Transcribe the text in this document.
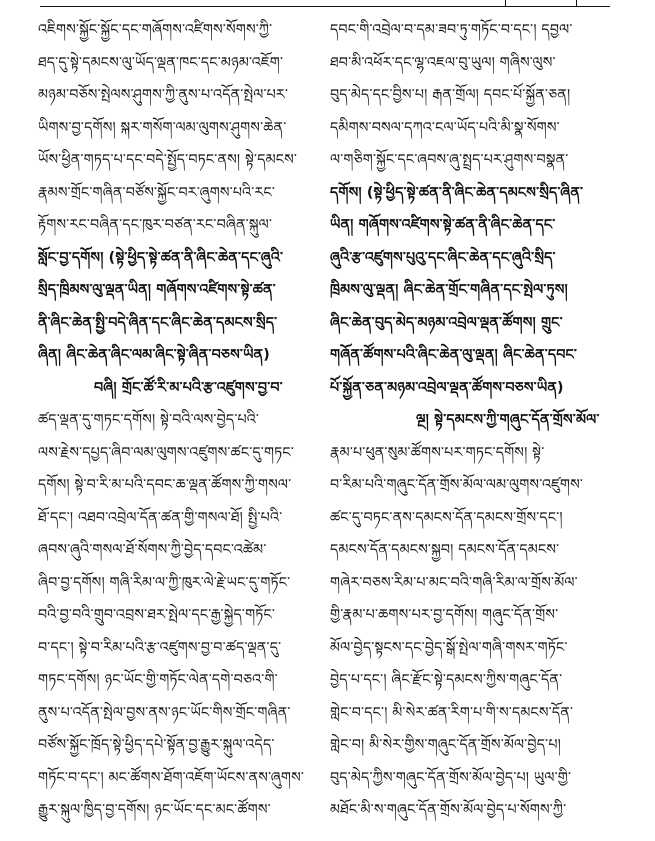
འཇིགས་སྐྱོང་སྐྱོང་དང་གཞོགས་འཛིགས་སོགས་ཀྱི་
ཐད་དུ་སྟེ་དམངས་ལུ་ཡོད་ལྡན་ཁང་དང་མཉམ་འཇོག་
མཉམ་བཅོས་སྤེལས་ཤུགས་ཀྱི་ནུས་པ་འདོན་སྤེལ་པར་
ཡིགས་བྱ་དགོས། སྐར་གསོག་ལམ་ལུགས་ཤུགས་ཆེན་
ཡོས་ཕྱིན་གཏད་པ་དང་བདེ་སྤྱོད་བཏང་ནས། སྟེ་དམངས་
རྣམས་གྲོང་གཞིན་བཙོས་སྐྱོང་བར་ཞུགས་པའི་རང་
རྟོགས་རང་བཞིན་དང་ཁུར་བཙན་རང་བཞིན་སྐུལ་
སློང་བྱ་དགོས། (སྟེ་ཕྱིད་སྟེ་ཚན་ནི་ཞིང་ཆེན་དང་ཞུའི་
སྲིད་ཁྲིམས་ལུ་ལྡན་ཡིན། གཞོགས་འཛིགས་སྟེ་ཚན་
ནི་ཞིང་ཆེན་སྤྱི་བདེ་ཞིན་དང་ཞིང་ཆེན་དམངས་སྲིད་
ཞིན། ཞིང་ཆེན་ཞིང་ལམ་ཞིང་སྟེ་ཞིན་བཅས་ཡིན)
བཞི། གྲོང་ཚོ་རི་མ་པའི་རྩ་འཛུགས་བྱ་བ་
ཚད་ལྡན་དུ་གཏང་དགོས། སྟེ་བའི་ལས་བྱེད་པའི་
ལས་རྗེས་དཔྱད་ཞིབ་ལམ་ལུགས་འཛུགས་ཚང་དུ་གཏང་
དགོས། སྟེ་བ་རི་མ་པའི་དབང་ཆ་ལྡན་ཚོགས་ཀྱི་གསལ་
ཐོ་དང་། འཐབ་འབྲེལ་དོན་ཚན་གྱི་གསལ་ཐོ། སྤྱི་པའི་
ཞབས་ཞུའི་གསལ་ཐོ་སོགས་ཀྱི་བྱེད་དབང་འཚེམ་
ཞིབ་བྱ་དགོས། གཞི་རིམ་ལ་ཀྱི་ཁུར་ལེ་རྗེ་ཡང་དུ་གཏོང་
བའི་བྱ་བའི་གྲུབ་འབྲས་ཐར་སྤེལ་དང་རྒྱ་སྐྱེད་གཏོང་
བ་དང་། སྟེ་བ་རིམ་པའི་རྩ་འཛུགས་བྱ་བ་ཚད་ལྡན་དུ་
གཏང་དགོས། ཉང་ཡོང་གྱི་གཏོང་ལེན་དགེ་བཅའ་གི་
ནུས་པ་འདོན་སྤེལ་བྱས་ནས་ཉང་ཡོང་གིས་གྲོང་གཞིན་
བཙོས་སྐྱོང་ཁྲོད་སྟེ་ཕྱིད་དཔེ་སྟོན་བྱ་རྒྱུར་སྐུལ་འདེད་
གཏོང་བ་དང་། མང་ཚོགས་ཐོག་འཇོག་ཡོངས་ནས་ཞུགས་
རྒྱུར་སྐུལ་ཁྱིད་བྱ་དགོས། ཉང་ཡོང་དང་མང་ཚོགས་
དབང་གི་འབྲེལ་བ་དམ་ཟབ་ཏུ་གཏོང་བ་དང་། དབྱལ་
ཐབ་མི་འཕོར་དང་ལྷ་འཇལ་བུ་ཡུལ། གཞིས་ལུས་
བུད་མེད་དང་བྱིས་པ། རྒན་གྲོལ། དབང་པོ་སྐྱོན་ཅན།
དམིགས་བསལ་དཀའ་ངལ་ཡོད་པའི་མི་སྣ་སོགས་
ལ་གཅིག་སྐྱོང་དང་ཞབས་ཞུ་སྤྲད་པར་ཤུགས་བསྣན་
དགོས། (སྟེ་ཕྱིད་སྟེ་ཚན་ནི་ཞིང་ཆེན་དམངས་སྲིད་ཞིན་
ཡིན། གཞོགས་འཛིགས་སྟེ་ཚན་ནི་ཞིང་ཆེན་དང་
ཞུའི་རྩ་འཛུགས་པུའུ་དང་ཞིང་ཆེན་དང་ཞུའི་སྲིད་
ཁྲིམས་ལུ་ལྡན། ཞིང་ཆེན་གྲོང་གཞིན་དང་སྤེལ་ཏུས།
ཞིང་ཆེན་བུད་མེད་མཉམ་འབྲེལ་ལྡན་ཚོགས། གྲུང་
གཞོན་ཚོགས་པའི་ཞིང་ཆེན་ལུ་ལྡན། ཞིང་ཆེན་དབང་
པོ་སྐྱོན་ཅན་མཉམ་འབྲེལ་ལྡན་ཚོགས་བཅས་ཡིན)
ལྔ། སྟེ་དམངས་ཀྱི་གཞུང་དོན་གྲོས་མོལ་
རྣམ་པ་ཕུན་སུམ་ཚོགས་པར་གཏང་དགོས། སྟེ་
བ་རིམ་པའི་གཞུང་དོན་གྲོས་མོལ་ལམ་ལུགས་འཛུགས་
ཚང་དུ་བཏང་ནས་དམངས་དོན་དམངས་གྲོས་དང་།
དམངས་དོན་དམངས་སྐྱབ། དམངས་དོན་དམངས་
གཞེར་བཅས་རིམ་པ་མང་བའི་གཞི་རིམ་ལ་གྲོས་མོལ་
གྱི་རྣམ་པ་ཆགས་པར་བྱ་དགོས། གཞུང་དོན་གྲོས་
མོལ་བྱེད་སྟངས་དང་བྱེད་སྒོ་སྤེལ་གཞི་གསར་གཏོང་
བྱེད་པ་དང་། ཞིང་རྫོང་སྟེ་དམངས་ཀྱིས་གཞུང་དོན་
གླེང་བ་དང་། མི་སེར་ཚན་རིག་པ་གི་ས་དམངས་དོན་
གླེང་བ། མི་སེར་གྱིས་གཞུང་དོན་གྲོས་མོལ་བྱེད་པ།
བུད་མེད་ཀྱིས་གཞུང་དོན་གྲོས་མོལ་བྱེད་པ། ཡུལ་གྱི་
མཐོང་མི་ས་གཞུང་དོན་གྲོས་མོལ་བྱེད་པ་སོགས་ཀྱི་
